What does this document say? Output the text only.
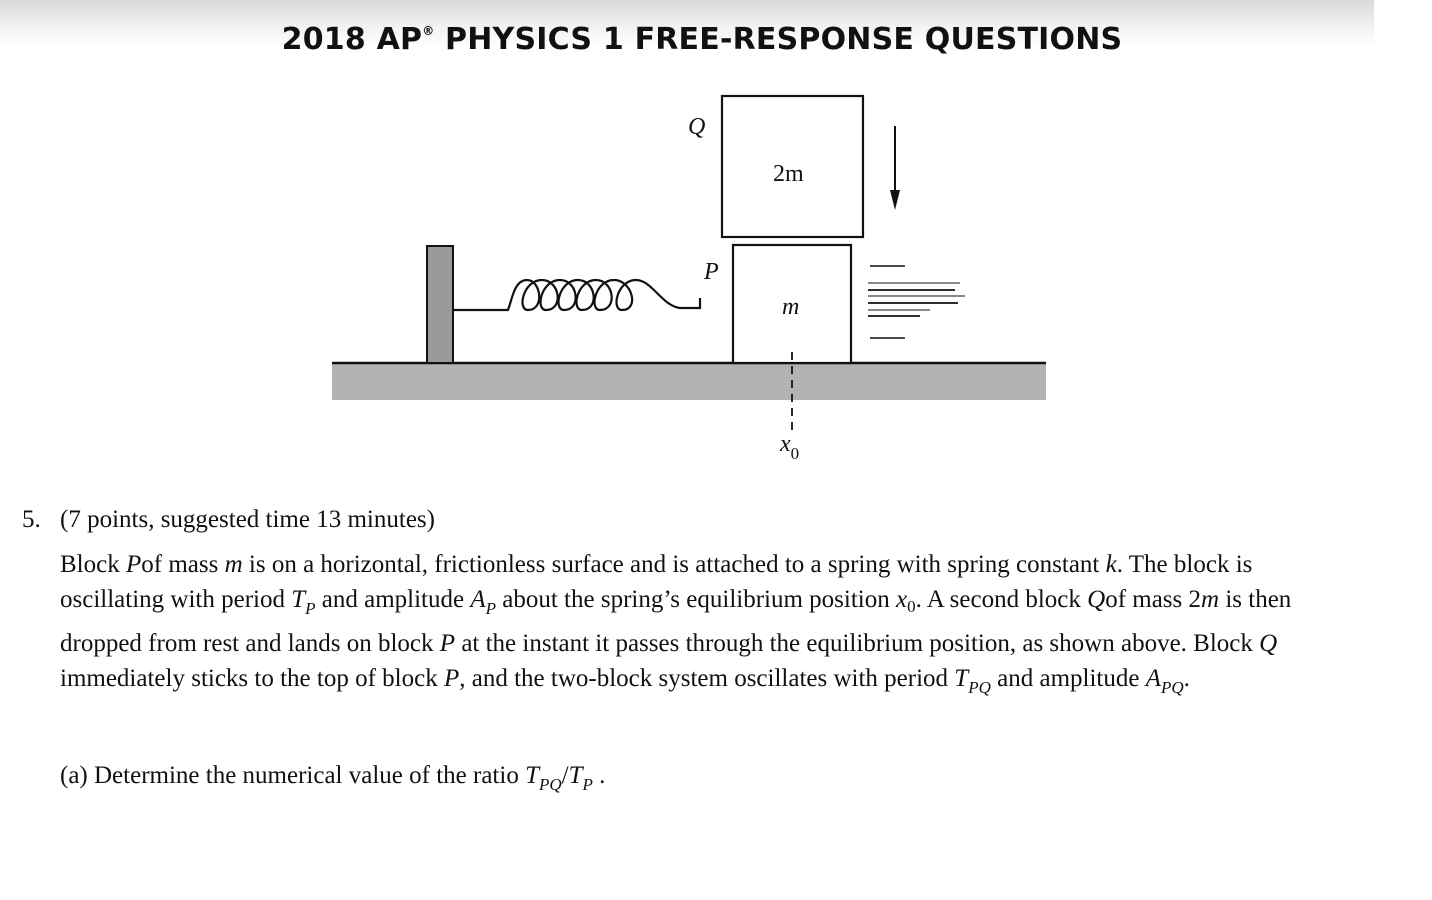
2018 AP® PHYSICS 1 FREE-RESPONSE QUESTIONS
Q
P
2m
m
$x_0$

5. (7 points, suggested time 13 minutes)

Block Pof mass m is on a horizontal, frictionless surface and is attached to a spring with spring constant k. The block is oscillating with period $T_P$ and amplitude $A_P$ about the spring’s equilibrium position $x_0$. A second block Qof mass 2m is then dropped from rest and lands on block P at the instant it passes through the equilibrium position, as shown above. Block Q immediately sticks to the top of block P, and the two-block system oscillates with period $T_{PQ}$ and amplitude $A_{PQ}$.

(a) Determine the numerical value of the ratio $T_{PQ}/T_P$ .
